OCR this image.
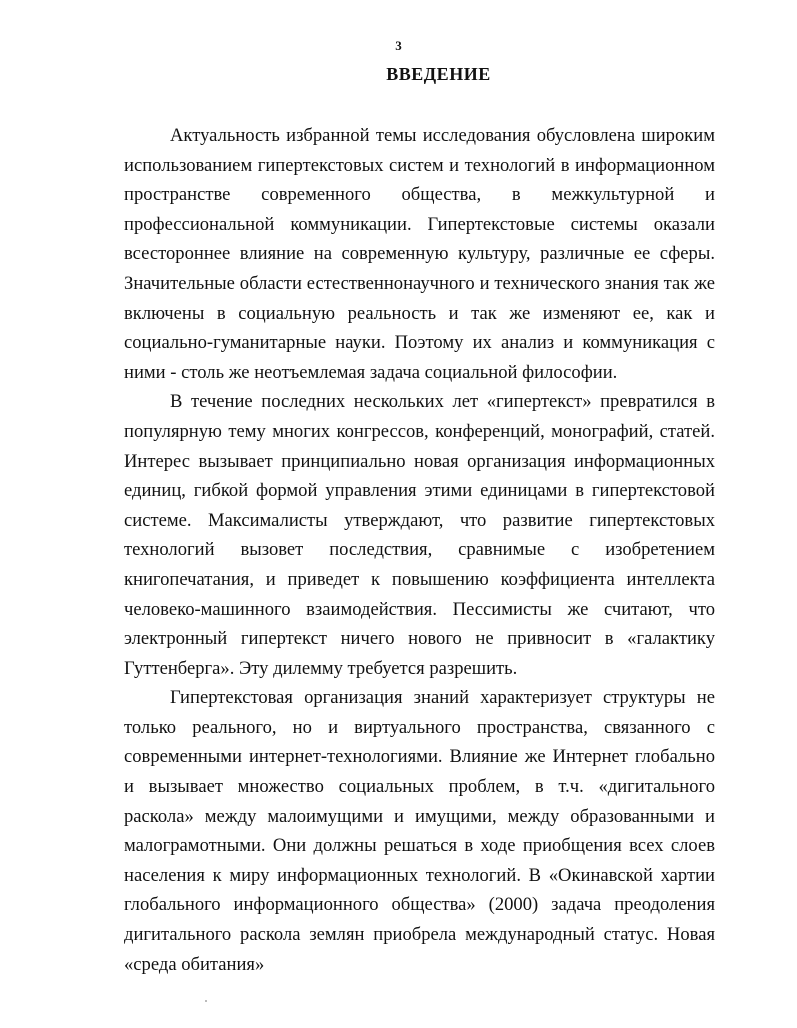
3
ВВЕДЕНИЕ

Актуальность избранной темы исследования обусловлена широким использованием гипертекстовых систем и технологий в информационном пространстве современного общества, в межкультурной и профессиональной коммуникации. Гипертекстовые системы оказали всестороннее влияние на современную культуру, различные ее сферы. Значительные области естественнонаучного и технического знания так же включены в социальную реальность и так же изменяют ее, как и социально-гуманитарные науки. Поэтому их анализ и коммуникация с ними - столь же неотъемлемая задача социальной философии.

В течение последних нескольких лет «гипертекст» превратился в популярную тему многих конгрессов, конференций, монографий, статей. Интерес вызывает принципиально новая организация информационных единиц, гибкой формой управления этими единицами в гипертекстовой системе. Максималисты утверждают, что развитие гипертекстовых технологий вызовет последствия, сравнимые с изобретением книгопечатания, и приведет к повышению коэффициента интеллекта человеко-машинного взаимодействия. Пессимисты же считают, что электронный гипертекст ничего нового не привносит в «галактику Гуттенберга». Эту дилемму требуется разрешить.

Гипертекстовая организация знаний характеризует структуры не только реального, но и виртуального пространства, связанного с современными интернет-технологиями. Влияние же Интернет глобально и вызывает множество социальных проблем, в т.ч. «дигитального раскола» между малоимущими и имущими, между образованными и малограмотными. Они должны решаться в ходе приобщения всех слоев населения к миру информационных технологий. В «Окинавской хартии глобального информационного общества» (2000) задача преодоления дигитального раскола землян приобрела международный статус. Новая «среда обитания»
